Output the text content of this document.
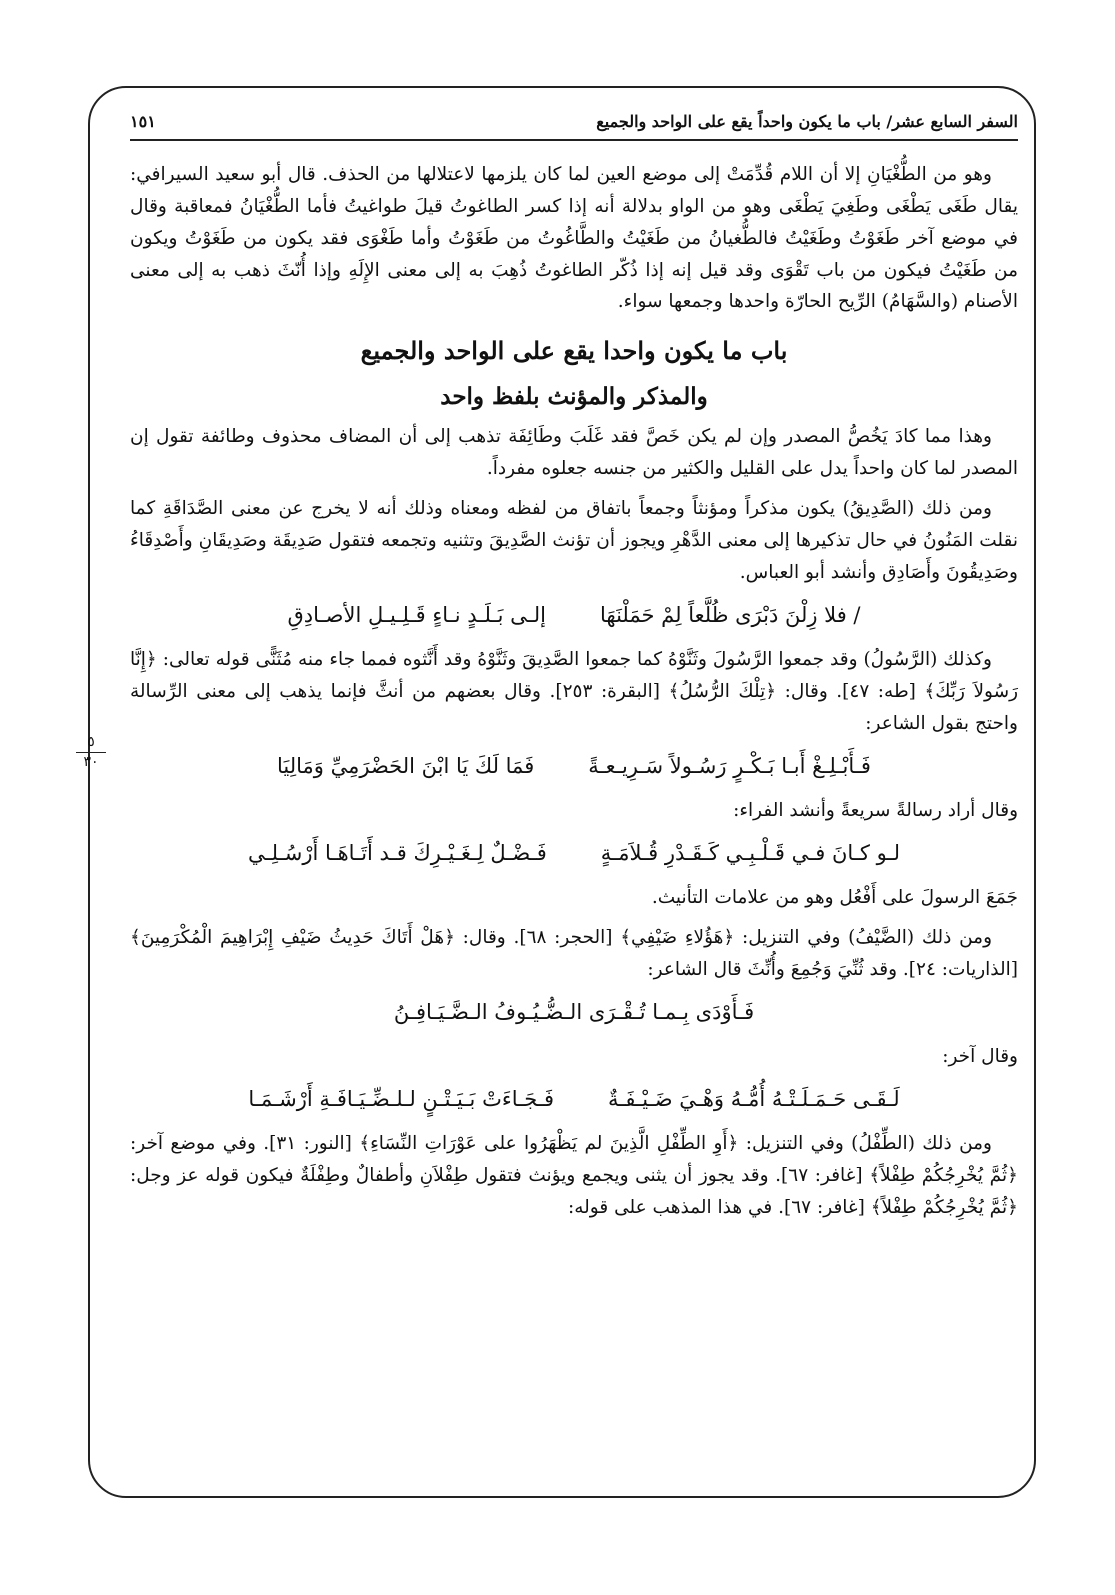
٥
٣٠
السفر السابع عشر/ باب ما يكون واحداً يقع على الواحد والجميع
١٥١

وهو من الطُّغْيَانِ إلا أن اللام قُدِّمَتْ إلى موضع العين لما كان يلزمها لاعتلالها من الحذف. قال أبو سعيد السيرافي: يقال طَغَى يَطْغَى وطَغِيَ يَطْغَى وهو من الواو بدلالة أنه إذا كسر الطاغوتُ قيلَ طواغيتُ فأما الطُّغْيَانُ فمعاقبة وقال في موضع آخر طَغَوْتُ وطَغَيْتُ فالطُّغيانُ من طَغَيْتُ والطَّاغُوتُ من طَغَوْتُ وأما طَغْوَى فقد يكون من طَغَوْتُ ويكون من طَغَيْتُ فيكون من باب تَقْوَى وقد قيل إنه إذا ذُكّر الطاغوتُ ذُهِبَ به إلى معنى الإِلَهِ وإذا أُنّثَ ذهب به إلى معنى الأصنام (والسَّهَامُ) الرِّيح الحارّة واحدها وجمعها سواء.

باب ما يكون واحدا يقع على الواحد والجميع
والمذكر والمؤنث بلفظ واحد

وهذا مما كادَ يَخُصُّ المصدر وإن لم يكن خَصَّ فقد غَلَبَ وطَائِفَة تذهب إلى أن المضاف محذوف وطائفة تقول إن المصدر لما كان واحداً يدل على القليل والكثير من جنسه جعلوه مفرداً.

ومن ذلك (الصَّدِيقُ) يكون مذكراً ومؤنثاً وجمعاً باتفاق من لفظه ومعناه وذلك أنه لا يخرج عن معنى الصَّدَاقَةِ كما نقلت المَنُونُ في حال تذكيرها إلى معنى الدَّهْرِ ويجوز أن تؤنث الصَّدِيقَ وتثنيه وتجمعه فتقول صَدِيقَة وصَدِيقَانِ وأَصْدِقَاءُ وصَدِيقُونَ وأَصَادِق وأنشد أبو العباس.

/ فلا زِلْنَ دَبْرَى ظُلَّعاً لِمْ حَمَلْنَهَا
إلـى بَـلَـدٍ نـاءٍ قَـلِـيـلِ الأصـادِقِ

وكذلك (الرَّسُولُ) وقد جمعوا الرَّسُولَ وثَنَّوْهُ كما جمعوا الصَّدِيقَ وثَنَّوْهُ وقد أَنَّثوه فمما جاء منه مُثَنًّى قوله تعالى: ﴿إِنَّا رَسُولاَ رَبِّكَ﴾ [طه: ٤٧]. وقال: ﴿تِلْكَ الرُّسُلُ﴾ [البقرة: ٢٥٣]. وقال بعضهم من أنثَّ فإنما يذهب إلى معنى الرِّسالة واحتج بقول الشاعر:

فَـأَبْـلِـغْ أَبـا بَـكْـرٍ رَسُـولاً سَـرِيـعـةً
فَمَا لَكَ يَا ابْنَ الحَضْرَمِيِّ وَمَالِيَا
وقال أراد رسالةً سريعةً وأنشد الفراء:
لـو كـانَ فـي قَـلْـبِـي كَـقَـدْرِ قُـلاَمَـةٍ
فَـضْـلٌ لِـغَـيْـرِكَ قـد أَتَـاهَـا أَرْسُـلِـي

جَمَعَ الرسولَ على أَفْعُل وهو من علامات التأنيث.

ومن ذلك (الضَّيْفُ) وفي التنزيل: ﴿هَؤُلاءِ ضَيْفِي﴾ [الحجر: ٦٨]. وقال: ﴿هَلْ أَتَاكَ حَدِيثُ ضَيْفِ إِبْرَاهِيمَ الْمُكْرَمِينَ﴾ [الذاريات: ٢٤]. وقد ثُنِّيَ وَجُمِعَ وأُنِّثَ قال الشاعر:

فَـأَوْدَى بِـمـا تُـقْـرَى الـضُّـيُـوفُ الـضَّـيَـافِـنُ
وقال آخر:
لَـقَـى حَـمَـلَـتْـهُ أُمُّـهُ وَهْـيَ ضَـيْـفَـةٌ
فَـجَـاءَتْ بَـيَـتْـنٍ لـلـضِّـيَـافَـةِ أَرْشَـمَـا

ومن ذلك (الطِّفْلُ) وفي التنزيل: ﴿أَوِ الطِّفْلِ الَّذِينَ لم يَظْهَرُوا على عَوْرَاتِ النِّسَاءِ﴾ [النور: ٣١]. وفي موضع آخر: ﴿ثُمَّ يُخْرِجُكُمْ طِفْلاً﴾ [غافر: ٦٧]. وقد يجوز أن يثنى ويجمع ويؤنث فتقول طِفْلاَنِ وأطفالٌ وطِفْلَةٌ فيكون قوله عز وجل: ﴿ثُمَّ يُخْرِجُكُمْ طِفْلاً﴾ [غافر: ٦٧]. في هذا المذهب على قوله:
